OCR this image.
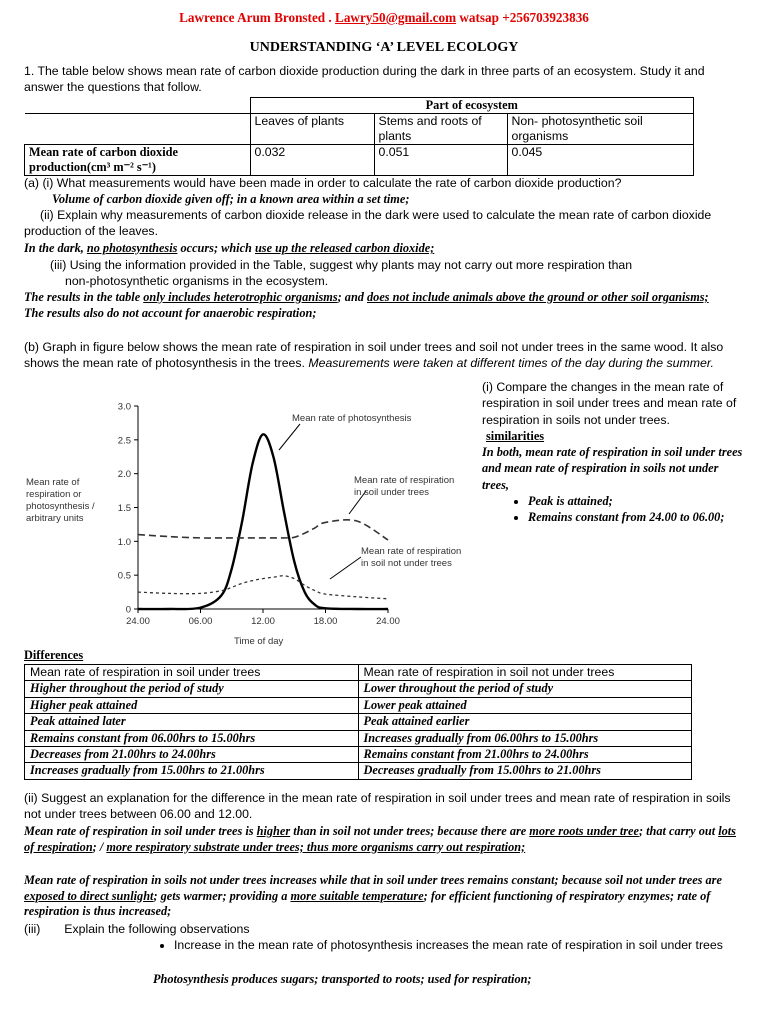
Lawrence Arum Bronsted . Lawry50@gmail.com watsap +256703923836
UNDERSTANDING ‘A’ LEVEL ECOLOGY
1. The table below shows mean rate of carbon dioxide production during the dark in three parts of an ecosystem. Study it and answer the questions that follow.
	Part of ecosystem		
	Leaves of plants	Stems and roots of plants	Non- photosynthetic soil organisms
Mean rate of carbon dioxide production(cm³ m⁻² s⁻¹)	0.032	0.051	0.045
(a) (i) What measurements would have been made in order to calculate the rate of carbon dioxide production?
Volume of carbon dioxide given off; in a known area within a set time;
(ii) Explain why measurements of carbon dioxide release in the dark were used to calculate the mean rate of carbon dioxide production of the leaves.
In the dark, no photosynthesis occurs; which use up the released carbon dioxide;
(iii) Using the information provided in the Table, suggest why plants may not carry out more respiration than
non-photosynthetic organisms in the ecosystem.
The results in the table only includes heterotrophic organisms; and does not include animals above the ground or other soil organisms;
The results also do not account for anaerobic respiration;
(b) Graph in figure below shows the mean rate of respiration in soil under trees and soil not under trees in the same wood. It also shows the mean rate of photosynthesis in the trees. Measurements were taken at different times of the day during the summer.
0
0.5
1.0
1.5
2.0
2.5
3.0
24.00	06.00	12.00	18.00	24.00
Mean rate of respiration or photosynthesis / arbitrary units
Time of day
Mean rate of photosynthesis
Mean rate of respiration in soil under trees
Mean rate of respiration in soil not under trees
(i) Compare the changes in the mean rate of respiration in soil under trees and mean rate of respiration in soils not under trees.
similarities
In both, mean rate of respiration in soil under trees and mean rate of respiration in soils not under trees,
• Peak is attained;
• Remains constant from 24.00 to 06.00;
Differences
Mean rate of respiration in soil under trees	Mean rate of respiration in soil not under trees
Higher throughout the period of study	Lower throughout the period of study
Higher peak attained	Lower peak attained
Peak attained later	Peak attained earlier
Remains constant from 06.00hrs to 15.00hrs	Increases gradually from 06.00hrs to 15.00hrs
Decreases from 21.00hrs to 24.00hrs	Remains constant from 21.00hrs to 24.00hrs
Increases gradually from 15.00hrs to 21.00hrs	Decreases gradually from 15.00hrs to 21.00hrs
(ii) Suggest an explanation for the difference in the mean rate of respiration in soil under trees and mean rate of respiration in soils not under trees between 06.00 and 12.00.
Mean rate of respiration in soil under trees is higher than in soil not under trees; because there are more roots under tree; that carry out lots of respiration; / more respiratory substrate under trees; thus more organisms carry out respiration;
Mean rate of respiration in soils not under trees increases while that in soil under trees remains constant; because soil not under trees are exposed to direct sunlight; gets warmer; providing a more suitable temperature; for efficient functioning of respiratory enzymes; rate of respiration is thus increased;
(iii)       Explain the following observations
• Increase in the mean rate of photosynthesis increases the mean rate of respiration in soil under trees
Photosynthesis produces sugars; transported to roots; used for respiration;
